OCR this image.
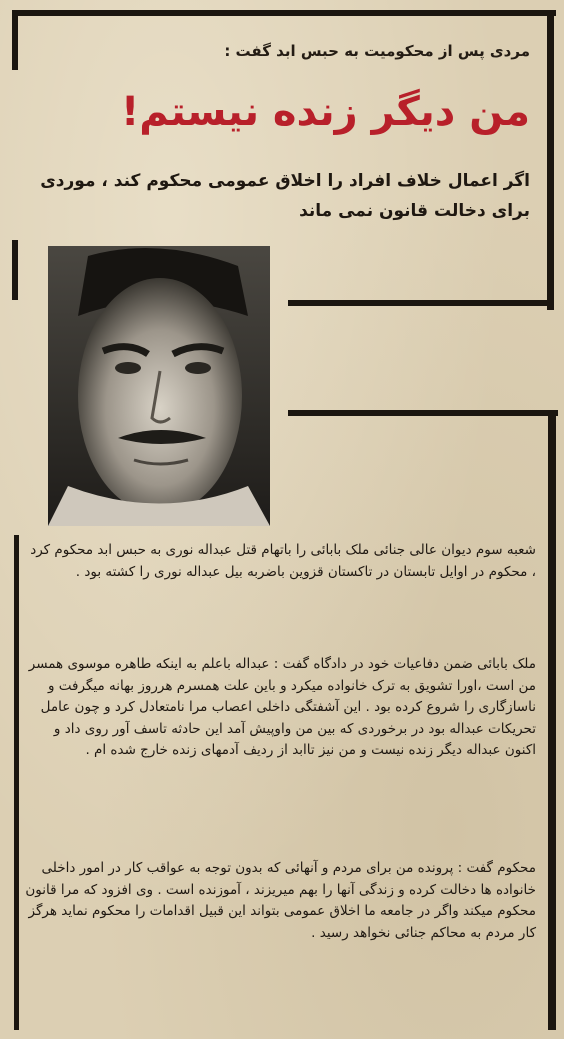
مردی پس از محکومیت به حبس ابد گفت :
من دیگر زنده نیستم!
اگر اعمال خلاف افراد را اخلاق عمومی محکوم کند ، موردی برای دخالت قانون نمی ماند

شعبه سوم دیوان عالی جنائی ملک بابائی را باتهام قتل عبداله نوری به حبس ابد محکوم کرد ، محکوم در اوایل تابستان در تاکستان قزوین باضربه بیل عبداله نوری را کشته بود .

ملک بابائی ضمن دفاعیات خود در دادگاه گفت : عبداله باعلم به اینکه طاهره موسوی همسر من است ،اورا تشویق به ترک خانواده میکرد و باین علت همسرم هرروز بهانه میگرفت و ناسازگاری را شروع کرده بود . این آشفتگی داخلی اعصاب مرا نامتعادل کرد و چون عامل تحریکات عبداله بود در برخوردی که بین من واوپیش آمد این حادثه تاسف آور روی داد و اکنون عبداله دیگر زنده نیست و من نیز تاابد از ردیف آدمهای زنده خارج شده ام .

محکوم گفت : پرونده من برای مردم و آنهائی که بدون توجه به عواقب کار در امور داخلی خانواده ها دخالت کرده و زندگی آنها را بهم میریزند ، آموزنده است . وی افزود که مرا قانون محکوم میکند واگر در جامعه ما اخلاق عمومی بتواند این قبیل اقدامات را محکوم نماید هرگز کار مردم به محاکم جنائی نخواهد رسید .
